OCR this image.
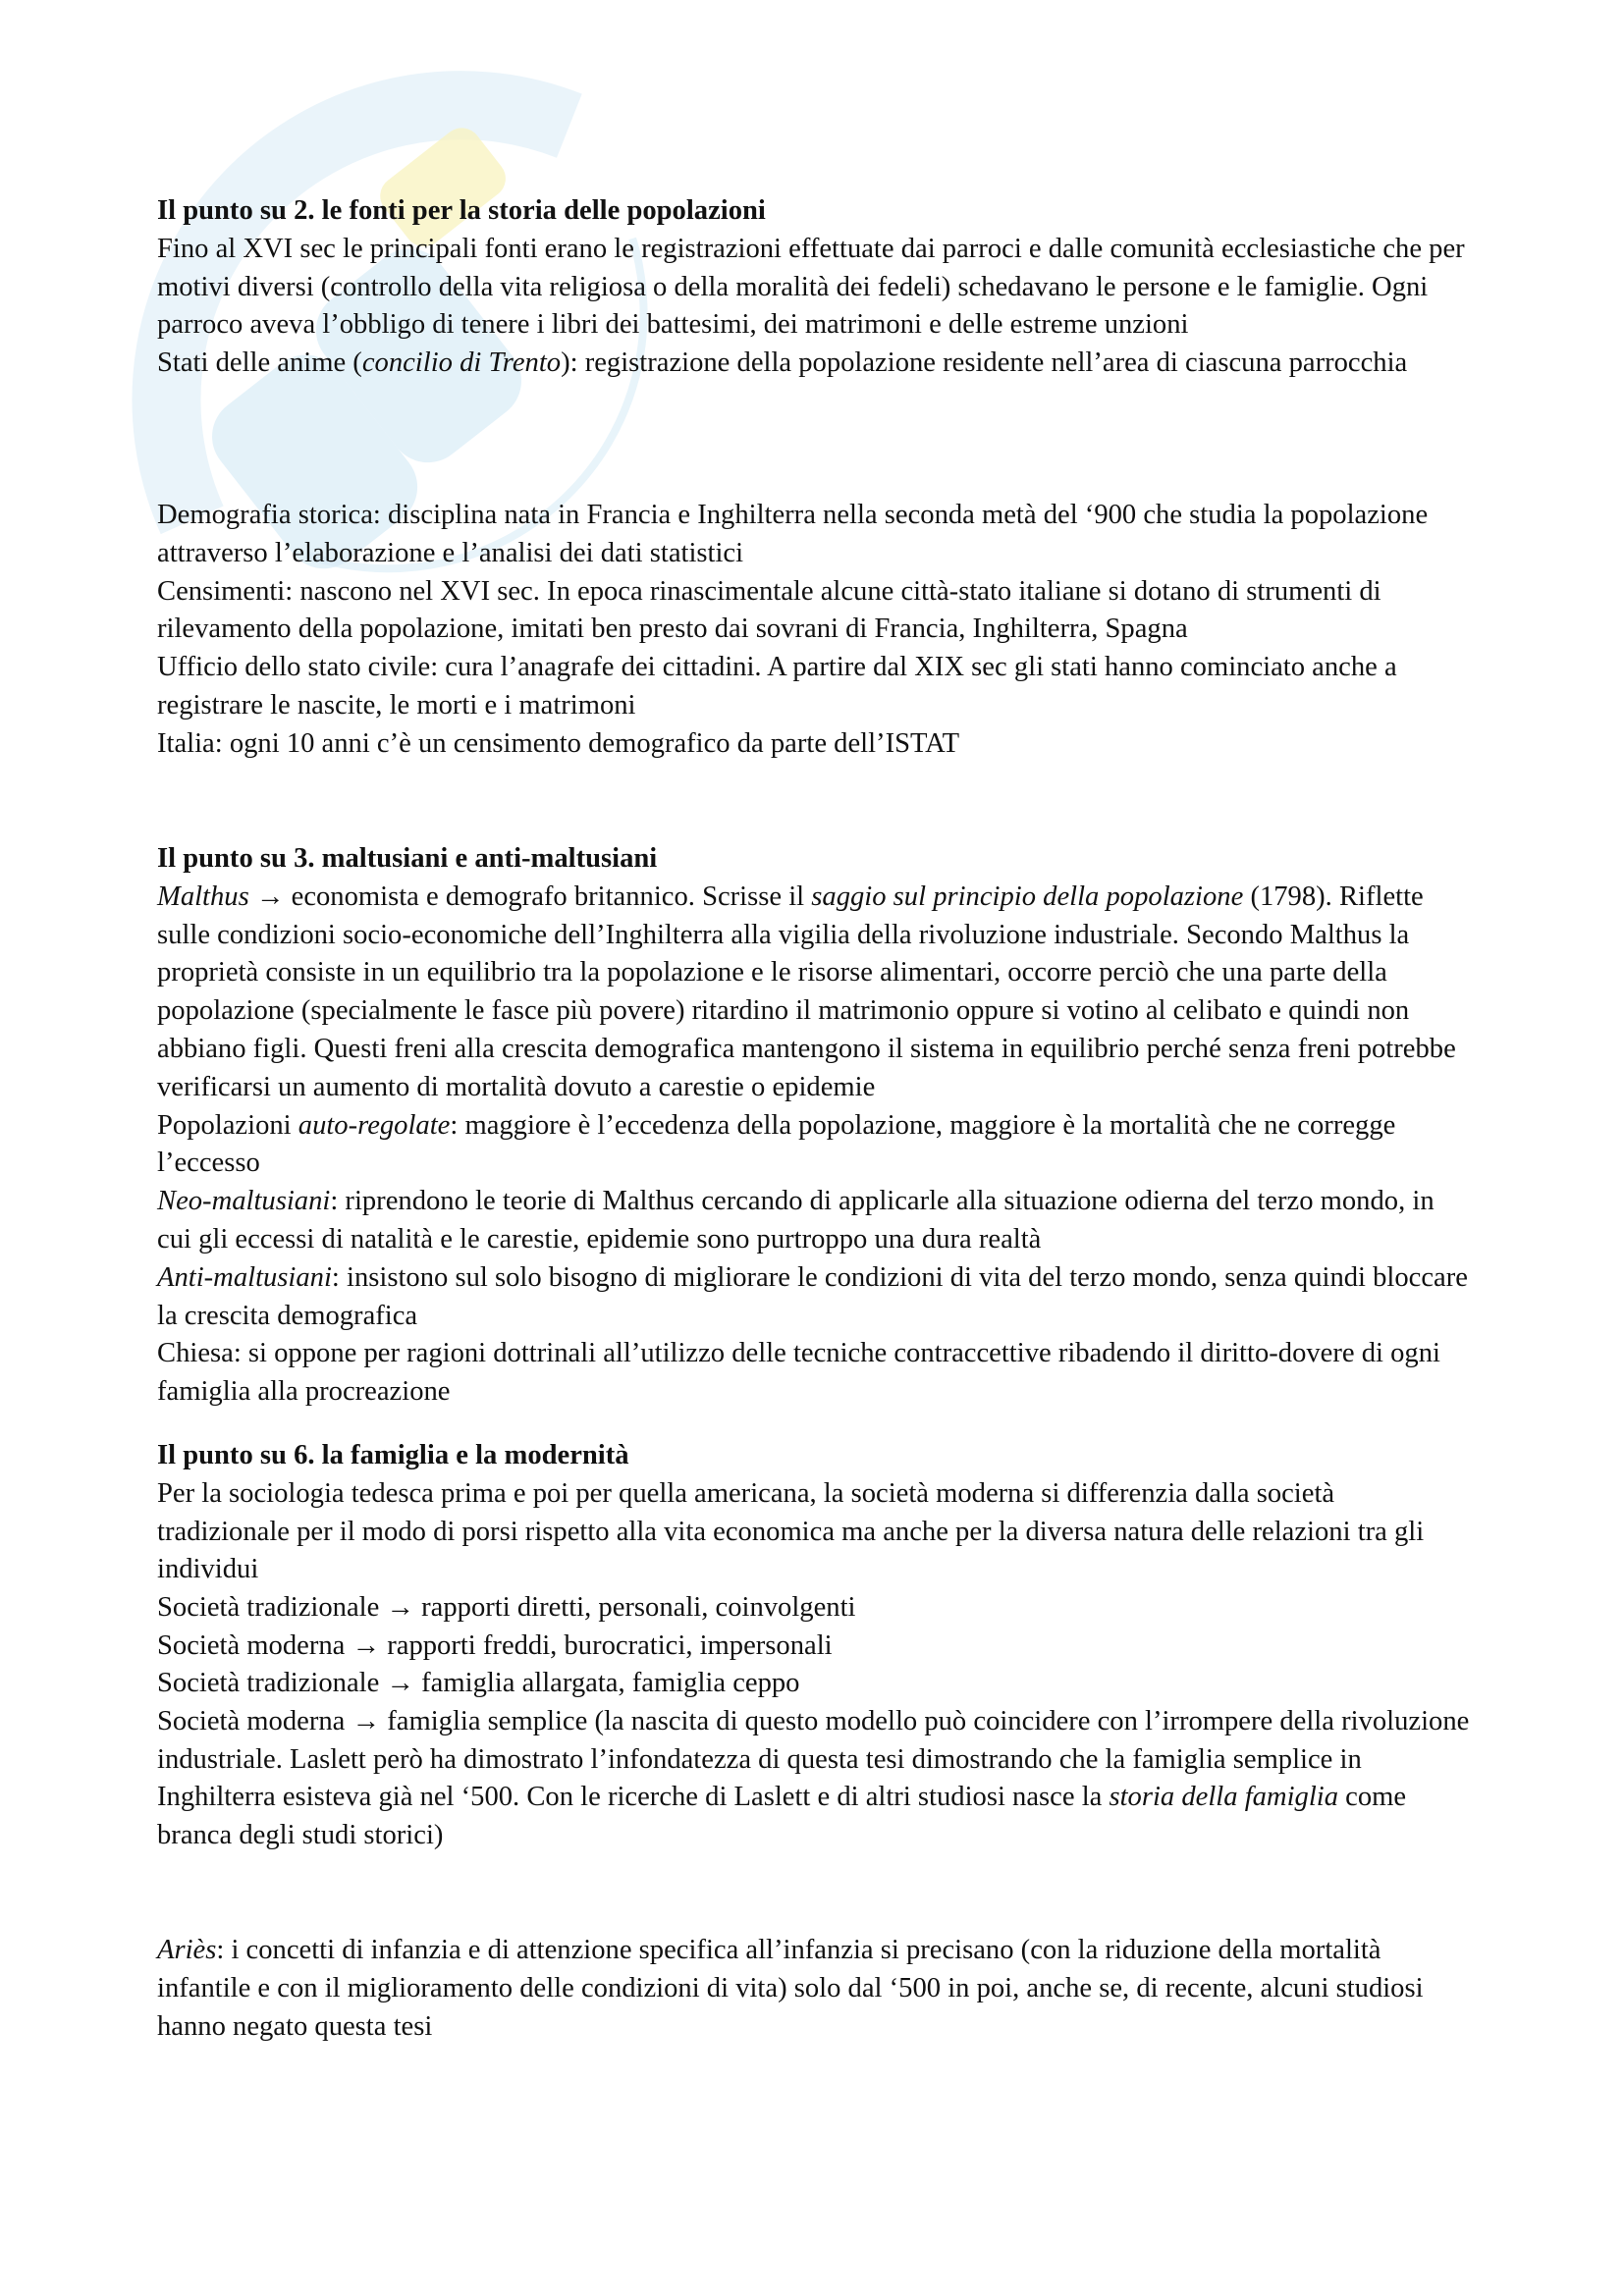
Il punto su 2. le fonti per la storia delle popolazioni

Fino al XVI sec le principali fonti erano le registrazioni effettuate dai parroci e dalle comunità ecclesiastiche che per motivi diversi (controllo della vita religiosa o della moralità dei fedeli) schedavano le persone e le famiglie. Ogni parroco aveva l’obbligo di tenere i libri dei battesimi, dei matrimoni e delle estreme unzioni

Stati delle anime (concilio di Trento): registrazione della popolazione residente nell’area di ciascuna parrocchia

Demografia storica: disciplina nata in Francia e Inghilterra nella seconda metà del ‘900 che studia la popolazione attraverso l’elaborazione e l’analisi dei dati statistici

Censimenti: nascono nel XVI sec. In epoca rinascimentale alcune città-stato italiane si dotano di strumenti di rilevamento della popolazione, imitati ben presto dai sovrani di Francia, Inghilterra, Spagna

Ufficio dello stato civile: cura l’anagrafe dei cittadini. A partire dal XIX sec gli stati hanno cominciato anche a registrare le nascite, le morti e i matrimoni

Italia: ogni 10 anni c’è un censimento demografico da parte dell’ISTAT

Il punto su 3. maltusiani e anti-maltusiani

Malthus → economista e demografo britannico. Scrisse il saggio sul principio della popolazione (1798). Riflette sulle condizioni socio-economiche dell’Inghilterra alla vigilia della rivoluzione industriale. Secondo Malthus la proprietà consiste in un equilibrio tra la popolazione e le risorse alimentari, occorre perciò che una parte della popolazione (specialmente le fasce più povere) ritardino il matrimonio oppure si votino al celibato e quindi non abbiano figli. Questi freni alla crescita demografica mantengono il sistema in equilibrio perché senza freni potrebbe verificarsi un aumento di mortalità dovuto a carestie o epidemie

Popolazioni auto-regolate: maggiore è l’eccedenza della popolazione, maggiore è la mortalità che ne corregge l’eccesso

Neo-maltusiani: riprendono le teorie di Malthus cercando di applicarle alla situazione odierna del terzo mondo, in cui gli eccessi di natalità e le carestie, epidemie sono purtroppo una dura realtà

Anti-maltusiani: insistono sul solo bisogno di migliorare le condizioni di vita del terzo mondo, senza quindi bloccare la crescita demografica

Chiesa: si oppone per ragioni dottrinali all’utilizzo delle tecniche contraccettive ribadendo il diritto-dovere di ogni famiglia alla procreazione

Il punto su 6. la famiglia e la modernità

Per la sociologia tedesca prima e poi per quella americana, la società moderna si differenzia dalla società tradizionale per il modo di porsi rispetto alla vita economica ma anche per la diversa natura delle relazioni tra gli individui

Società tradizionale → rapporti diretti, personali, coinvolgenti

Società moderna → rapporti freddi, burocratici, impersonali

Società tradizionale → famiglia allargata, famiglia ceppo

Società moderna → famiglia semplice (la nascita di questo modello può coincidere con l’irrompere della rivoluzione industriale. Laslett però ha dimostrato l’infondatezza di questa tesi dimostrando che la famiglia semplice in Inghilterra esisteva già nel ‘500. Con le ricerche di Laslett e di altri studiosi nasce la storia della famiglia come branca degli studi storici)

Ariès: i concetti di infanzia e di attenzione specifica all’infanzia si precisano (con la riduzione della mortalità infantile e con il miglioramento delle condizioni di vita) solo dal ‘500 in poi, anche se, di recente, alcuni studiosi hanno negato questa tesi
